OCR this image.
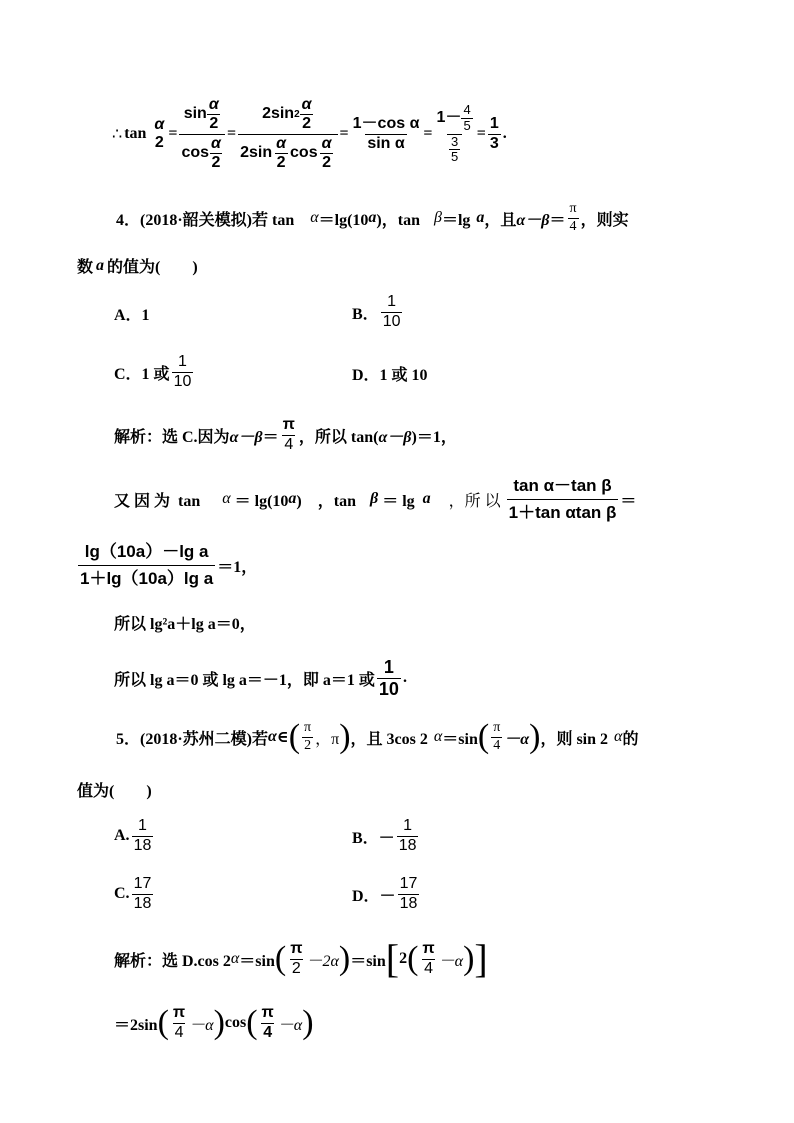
∴ tan
α
2
= $\frac{\sin \frac{\alpha}{2}}{\cos \frac{\alpha}{2}}$ =
2sin $2 \frac{\alpha}{2}$
$2\sin \frac{\alpha}{2}$ $\cos \frac{\alpha}{2}$
= $\frac{\text{1－cos α}}{\text{sin α}} = \frac{1- \frac{4}{5}}{\frac{3}{5}} = \frac{1}{3}$ .
4．(2018·韶关模拟)若 tan α ＝lg(10 a )，tan β ＝lg a ，且 $\alpha-\beta = \frac{\pi}{4}$ ，则实
数 a 的值为(　　)
A．1	B． $\frac{1}{10}$
C．1 或 $\frac{1}{10}$	D．1 或 10
解析：选 C.因为 $\alpha-\beta = \frac{\pi}{4}$ ，所以 tan( α－β )＝1，
又 因 为  tan α ＝ lg(10 a )　，tan β ＝ lg a ，所 以 $\frac{\text{tan α－tan β}}{\text{1＋tan αtan β}}$ ＝
$\frac{\text{lg（10a）－lg a}}{\text{1＋lg（10a）lg a}} =1$，
所以 lg²a＋lg a＝0，
所以 lg a＝0 或 lg a＝－1，即 a＝1 或 $\frac{1}{10}$ .
5．(2018·苏州二模)若 α ∈ ( $\frac{\pi}{2}$ ，π ) ，且 3cos 2 α ＝sin ( $\frac{\pi}{4} -\alpha$ ) ，则 sin 2 α 的
值为(　　)
A. $\frac{1}{18}$	B．－ $\frac{1}{18}$
C. $\frac{17}{18}$	D．－ $\frac{17}{18}$
解析：选 D.cos 2 α ＝sin ( $\frac{\pi}{2} -2\alpha$ ) ＝sin [ 2 ( $\frac{\pi}{4} -\alpha$ ) ]
＝2sin ( $\frac{\pi}{4} -\alpha$ ) cos ( $\frac{\pi}{4} -\alpha$ )
